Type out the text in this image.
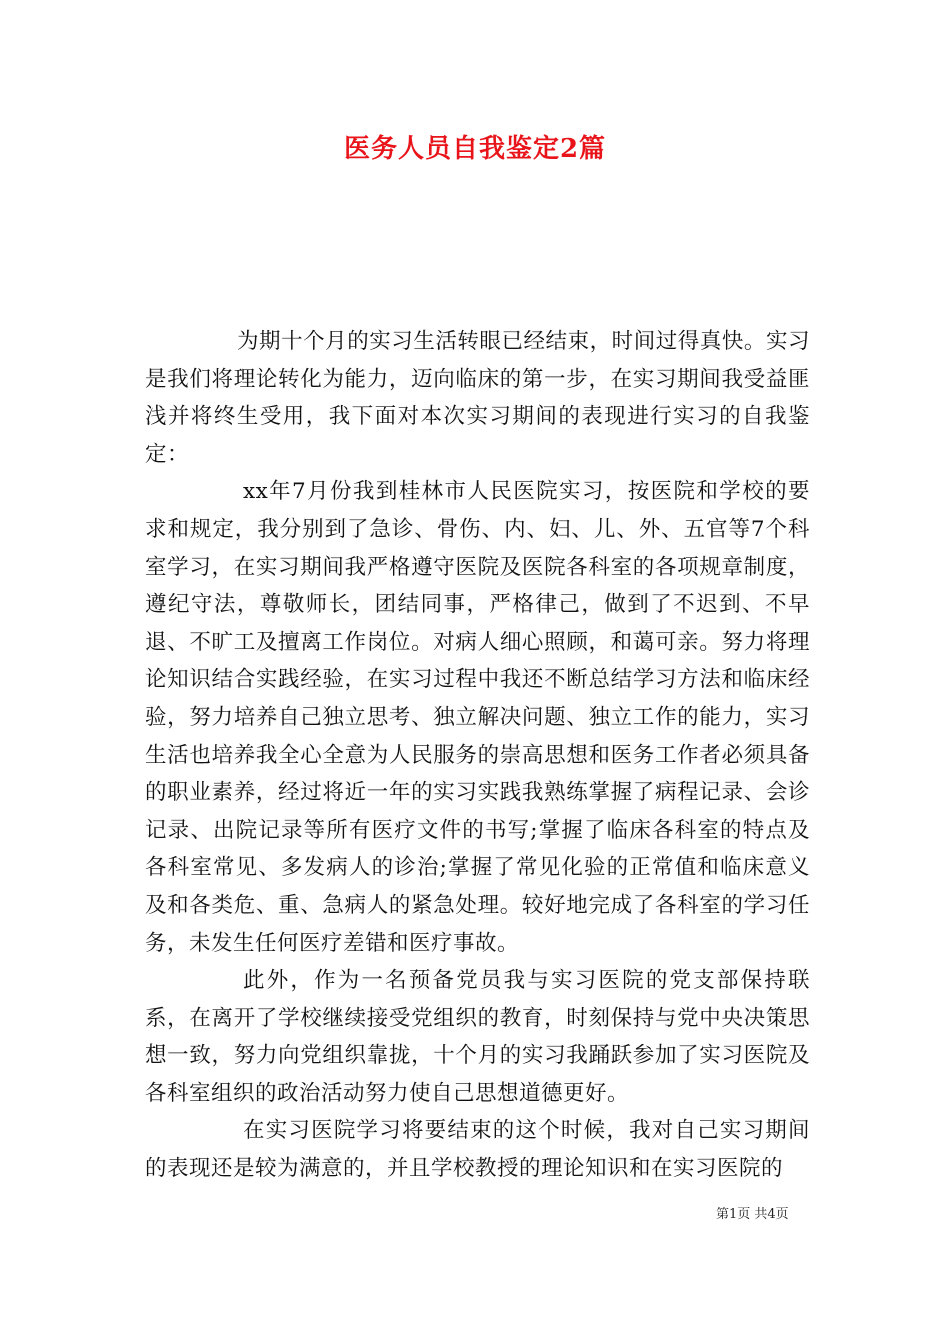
医务人员自我鉴定2篇

为期十个月的实习生活转眼已经结束，时间过得真快。实习是我们将理论转化为能力，迈向临床的第一步，在实习期间我受益匪浅并将终生受用，我下面对本次实习期间的表现进行实习的自我鉴定：

xx年7月份我到桂林市人民医院实习，按医院和学校的要求和规定，我分别到了急诊、骨伤、内、妇、儿、外、五官等7个科室学习，在实习期间我严格遵守医院及医院各科室的各项规章制度，遵纪守法，尊敬师长，团结同事，严格律己，做到了不迟到、不早退、不旷工及擅离工作岗位。对病人细心照顾，和蔼可亲。努力将理论知识结合实践经验，在实习过程中我还不断总结学习方法和临床经验，努力培养自己独立思考、独立解决问题、独立工作的能力，实习生活也培养我全心全意为人民服务的崇高思想和医务工作者必须具备的职业素养，经过将近一年的实习实践我熟练掌握了病程记录、会诊记录、出院记录等所有医疗文件的书写;掌握了临床各科室的特点及各科室常见、多发病人的诊治;掌握了常见化验的正常值和临床意义及和各类危、重、急病人的紧急处理。较好地完成了各科室的学习任务，未发生任何医疗差错和医疗事故。

此外，作为一名预备党员我与实习医院的党支部保持联系，在离开了学校继续接受党组织的教育，时刻保持与党中央决策思想一致，努力向党组织靠拢，十个月的实习我踊跃参加了实习医院及各科室组织的政治活动努力使自己思想道德更好。

在实习医院学习将要结束的这个时候，我对自己实习期间的表现还是较为满意的，并且学校教授的理论知识和在实习医院的

第1页 共4页
